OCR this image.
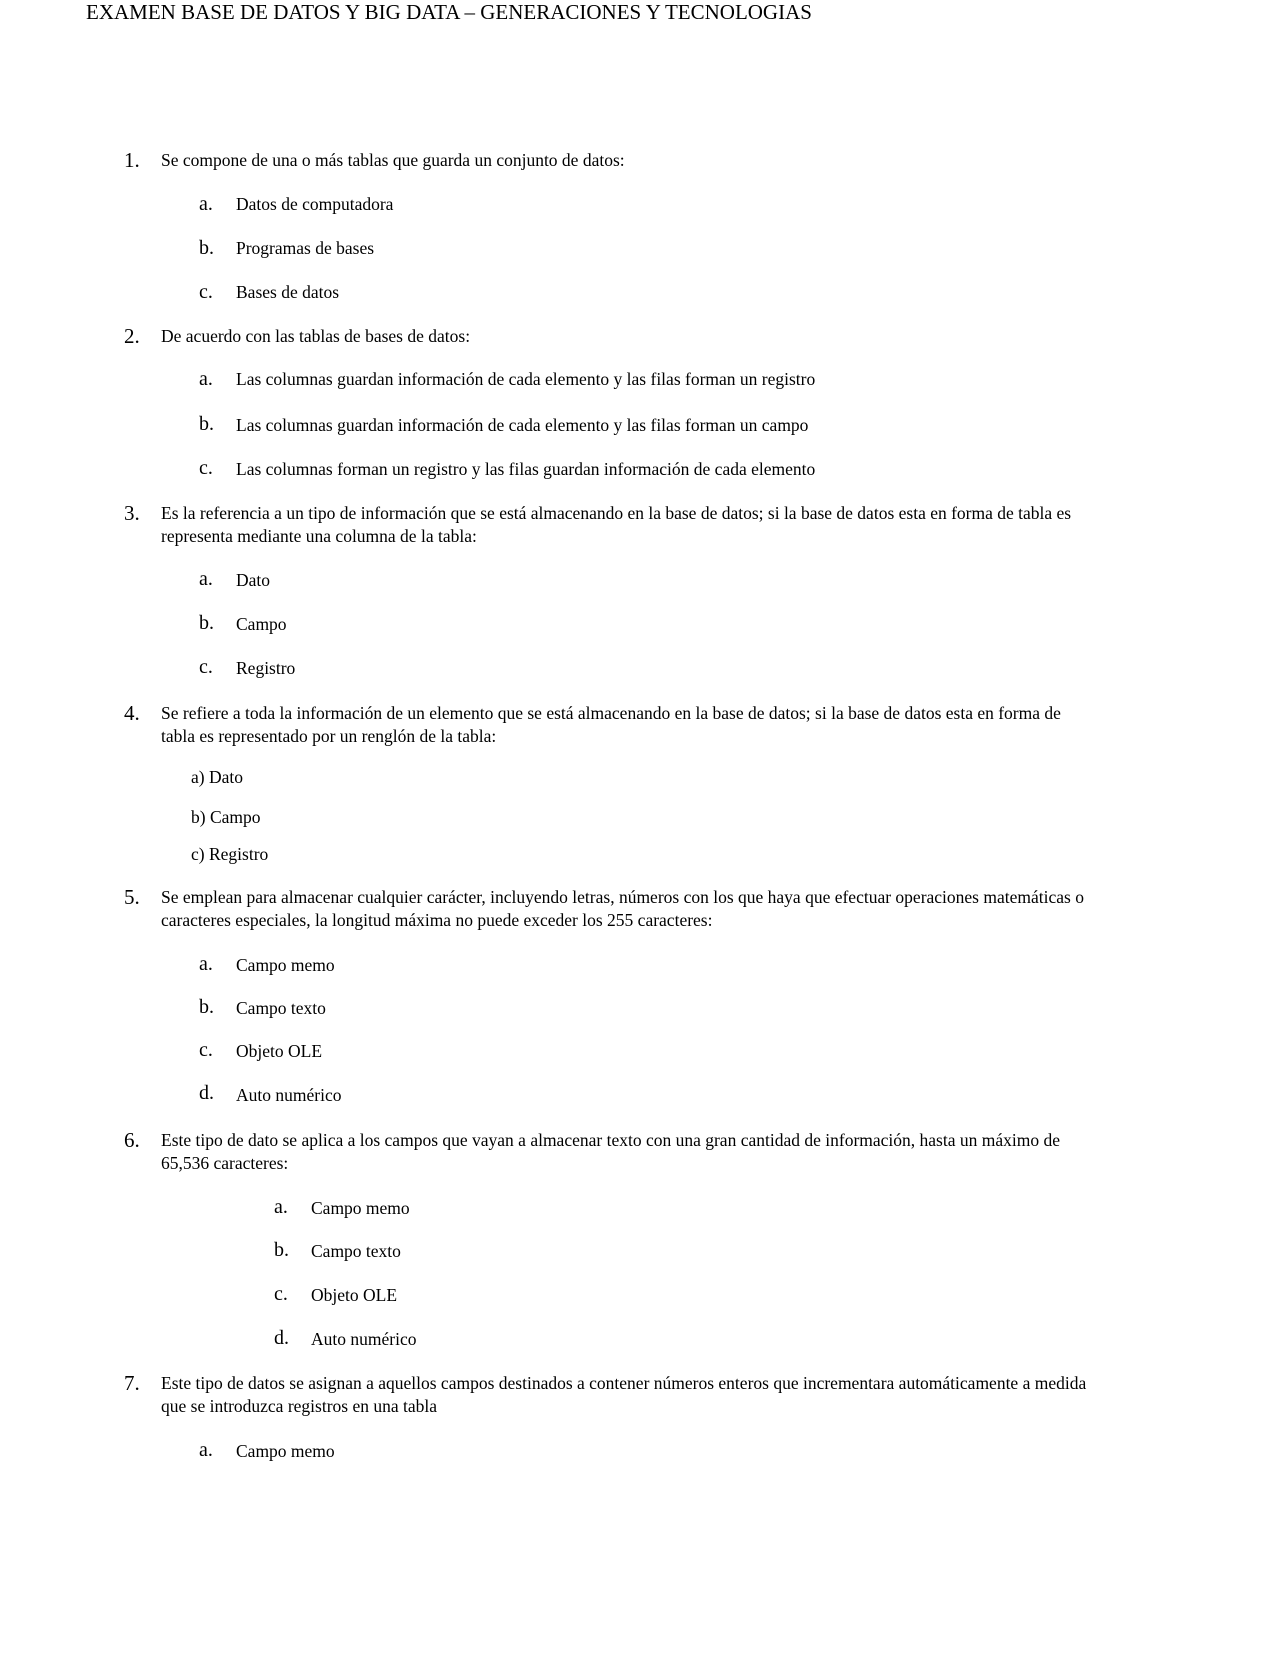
EXAMEN BASE DE DATOS Y BIG DATA – GENERACIONES Y TECNOLOGIAS
1.	Se compone de una o más tablas que guarda un conjunto de datos:
a.	Datos de computadora
b.	Programas de bases
c.	Bases de datos
2.	De acuerdo con las tablas de bases de datos:
a.	Las columnas guardan información de cada elemento y las filas forman un registro
b.	Las columnas guardan información de cada elemento y las filas forman un campo
c.	Las columnas forman un registro y las filas guardan información de cada elemento
3.	Es la referencia a un tipo de información que se está almacenando en la base de datos; si la base de datos esta en forma de tabla es representa mediante una columna de la tabla:
a.	Dato
b.	Campo
c.	Registro
4.	Se refiere a toda la información de un elemento que se está almacenando en la base de datos; si la base de datos esta en forma de tabla es representado por un renglón de la tabla:
a) Dato
b) Campo
c) Registro
5.	Se emplean para almacenar cualquier carácter, incluyendo letras, números con los que haya que efectuar operaciones matemáticas o caracteres especiales, la longitud máxima no puede exceder los 255 caracteres:
a.	Campo memo
b.	Campo texto
c.	Objeto OLE
d.	Auto numérico
6.	Este tipo de dato se aplica a los campos que vayan a almacenar texto con una gran cantidad de información, hasta un máximo de 65,536 caracteres:
a.	Campo memo
b.	Campo texto
c.	Objeto OLE
d.	Auto numérico
7.	Este tipo de datos se asignan a aquellos campos destinados a contener números enteros que incrementara automáticamente a medida que se introduzca registros en una tabla
a.	Campo memo
